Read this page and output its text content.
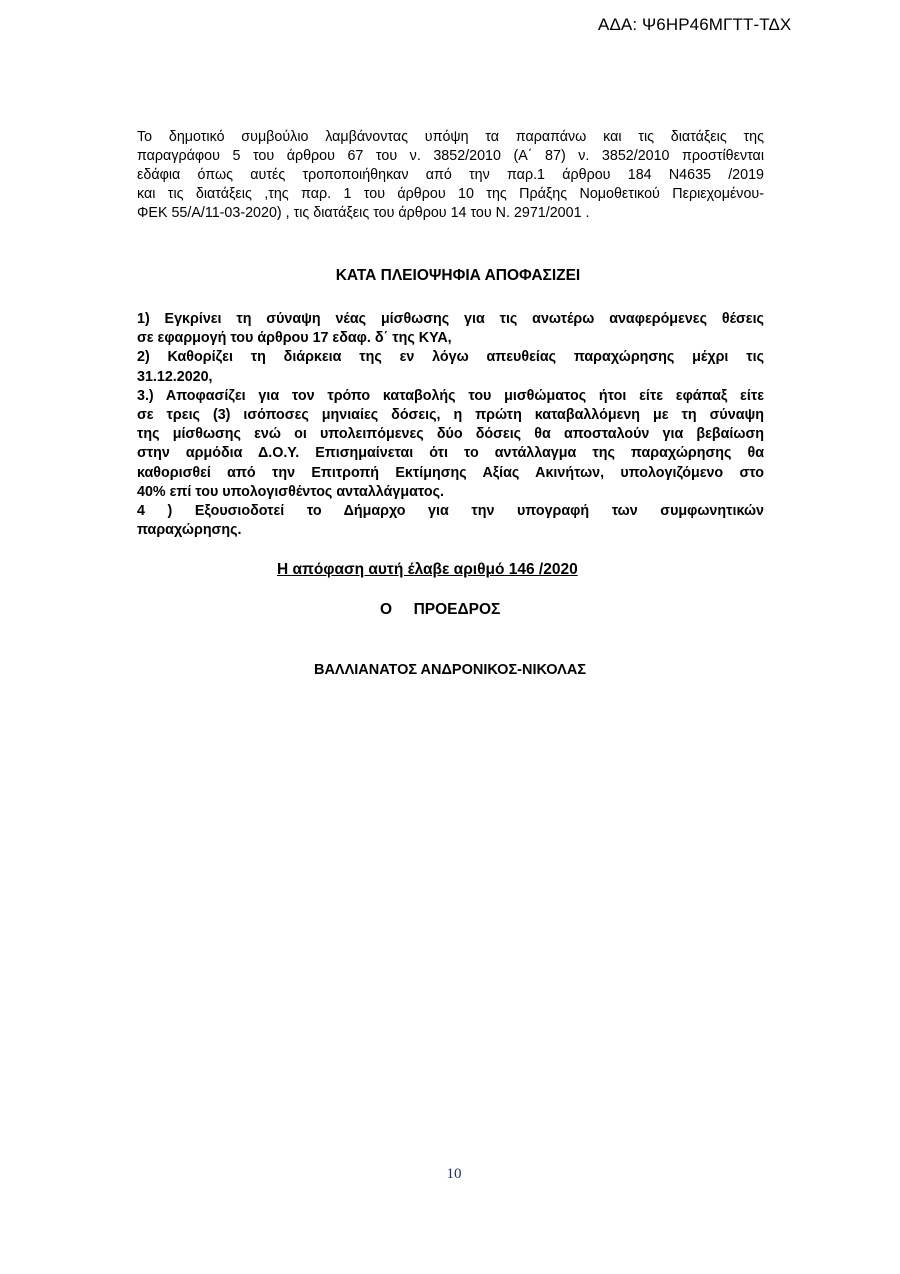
ΑΔΑ: Ψ6ΗΡ46ΜΓΤΤ-ΤΔΧ
Το δημοτικό συμβούλιο λαμβάνοντας υπόψη τα παραπάνω και τις διατάξεις της
παραγράφου 5 του άρθρου 67 του ν. 3852/2010 (Α΄ 87) ν. 3852/2010 προστίθενται
εδάφια όπως αυτές τροποποιήθηκαν από την παρ.1 άρθρου 184 Ν4635 /2019
και τις διατάξεις ,της παρ. 1 του άρθρου 10 της Πράξης Νομοθετικού Περιεχομένου-
ΦΕΚ 55/Α/11-03-2020) , τις διατάξεις του άρθρου 14 του Ν. 2971/2001 .
ΚΑΤΑ ΠΛΕΙΟΨΗΦΙΑ ΑΠΟΦΑΣΙΖΕΙ
1) Εγκρίνει τη σύναψη νέας μίσθωσης για τις ανωτέρω αναφερόμενες θέσεις
σε εφαρμογή του άρθρου 17 εδαφ. δ΄ της ΚΥΑ,
2) Καθορίζει τη διάρκεια της εν λόγω απευθείας παραχώρησης μέχρι τις
31.12.2020,
3.) Αποφασίζει για τον τρόπο καταβολής του μισθώματος ήτοι είτε εφάπαξ είτε
σε τρεις (3) ισόποσες μηνιαίες δόσεις, η πρώτη καταβαλλόμενη με τη σύναψη
της μίσθωσης ενώ οι υπολειπόμενες δύο δόσεις θα αποσταλούν για βεβαίωση
στην αρμόδια Δ.Ο.Υ. Επισημαίνεται ότι το αντάλλαγμα της παραχώρησης θα
καθορισθεί από την Επιτροπή Εκτίμησης Αξίας Ακινήτων, υπολογιζόμενο στο
40% επί του υπολογισθέντος ανταλλάγματος.
4 ) Εξουσιοδοτεί το Δήμαρχο για την υπογραφή των συμφωνητικών
παραχώρησης.
Η απόφαση αυτή έλαβε αριθμό 146 /2020
Ο     ΠΡΟΕΔΡΟΣ
ΒΑΛΛΙΑΝΑΤΟΣ ΑΝΔΡΟΝΙΚΟΣ-ΝΙΚΟΛΑΣ
10
